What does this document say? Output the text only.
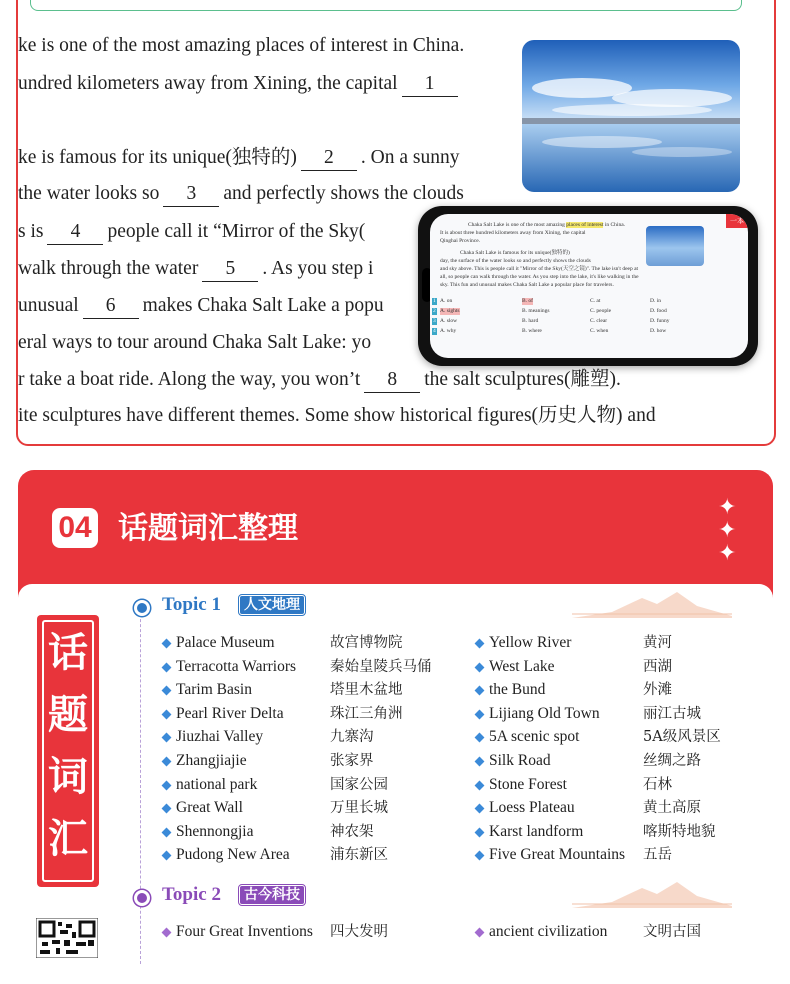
ke is one of the most amazing places of interest in China.
undred kilometers away from Xining, the capital 1
ke is famous for its unique(独特的) 2 . On a sunny
the water looks so 3 and perfectly shows the clouds
s is 4 people call it “Mirror of the Sky(
walk through the water 5 . As you step i
unusual 6 makes Chaka Salt Lake a popu
eral ways to tour around Chaka Salt Lake: yo
r take a boat ride. Along the way, you won’t 8 the salt sculptures(雕塑).
ite sculptures have different themes. Some show historical figures(历史人物) and
Chaka Salt Lake is one of the most amazing places of interest in China.
It is about three hundred kilometers away from Xining, the capital
Qinghai Province.
Chaka Salt Lake is famous for its unique(独特的)
day, the surface of the water looks so and perfectly shows the clouds
and sky above. This is people call it "Mirror of the Sky(天空之镜)". The lake isn't deep at
all, so people can walk through the water. As you step into the lake, it's like walking in the
sky. This fun and unusual makes Chaka Salt Lake a popular place for travelers.
一本
1 A. on	B. of	C. at	D. in
2 A. sights	B. meanings	C. people	D. food
3 A. slow	B. hard	C. clear	D. funny
4 A. why	B. where	C. when	D. how
04 话题词汇整理
✦
✦
✦
话
题
词
汇
Topic 1 人文地理
Palace Museum	故宫博物院
Terracotta Warriors 秦始皇陵兵马俑
Tarim Basin	塔里木盆地
Pearl River Delta	珠江三角洲
Jiuzhai Valley	九寨沟
Zhangjiajie	张家界
national park	国家公园
Great Wall	万里长城
Shennongjia	神农架
Pudong New Area	浦东新区
Yellow River	黄河
West Lake	西湖
the Bund	外滩
Lijiang Old Town	丽江古城
5A scenic spot	5A级风景区
Silk Road	丝绸之路
Stone Forest	石林
Loess Plateau	黄土高原
Karst landform	喀斯特地貌
Five Great Mountains 五岳
Topic 2 古今科技
Four Great Inventions 四大发明	ancient civilization 文明古国
